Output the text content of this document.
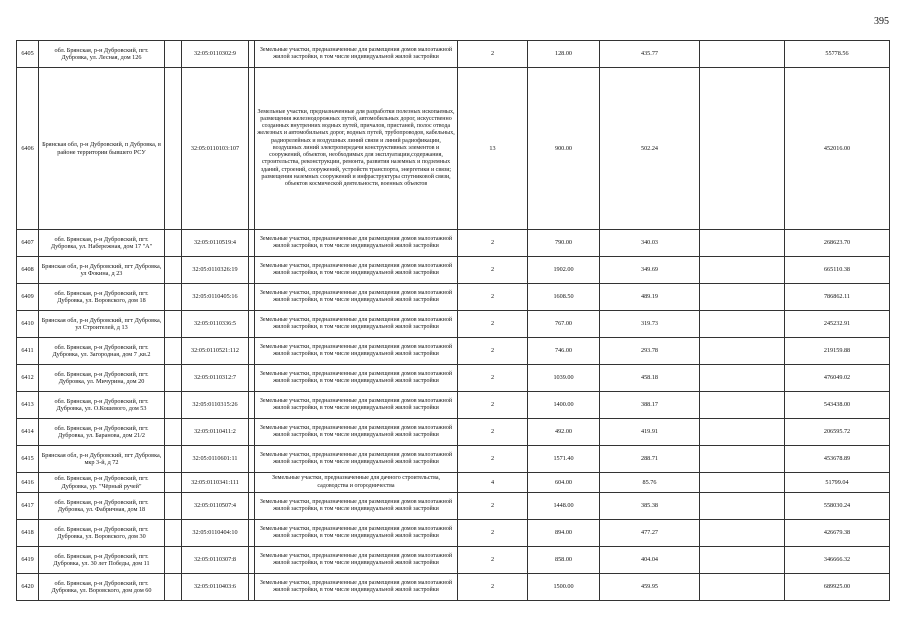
395
6405	обл. Брянская, р-н Дубровский, пгт. Дубровка, ул. Лесная, дом 126		32:05:0110302:9		Земельные участки, предназначенные для размещения домов малоэтажной жилой застройки, в том числе индивидуальной жилой застройки	2	128.00	435.77		55778.56
6406	Брянская обл, р-н Дубровский, п Дубровка, в районе территории бывшего РСУ		32:05:0110103:107		Земельные участки, предназначенные для разработки полезных ископаемых, размещения железнодорожных путей, автомобильных дорог, искусственно созданных внутренних водных путей, причалов, пристаней, полос отвода железных и автомобильных дорог, водных путей, трубопроводов, кабельных, радиорелейных и воздушных линий связи и линий радиофикации, воздушных линий электропередачи конструктивных элементов и сооружений, объектов, необходимых для эксплуатации,содержания, строительства, реконструкции, ремонта, развития наземных и подземных зданий, строений, сооружений, устройств транспорта, энергетики и связи; размещения наземных сооружений и инфраструктуры спутниковой связи, объектов космической деятельности, военных объектов	13	900.00	502.24		452016.00
6407	обл. Брянская, р-н Дубровский, пгт. Дубровка, ул. Набережная, дом 17 "А"		32:05:0110519:4		Земельные участки, предназначенные для размещения домов малоэтажной жилой застройки, в том числе индивидуальной жилой застройки	2	790.00	340.03		268623.70
6408	Брянская обл, р-н Дубровский, пгт Дубровка, ул Фокина, д 23		32:05:0110326:19		Земельные участки, предназначенные для размещения домов малоэтажной жилой застройки, в том числе индивидуальной жилой застройки	2	1902.00	349.69		665110.38
6409	обл. Брянская, р-н Дубровский, пгт. Дубровка, ул. Воровского, дом 18		32:05:0110405:16		Земельные участки, предназначенные для размещения домов малоэтажной жилой застройки, в том числе индивидуальной жилой застройки	2	1608.50	489.19		786862.11
6410	Брянская обл, р-н Дубровский, пгт Дубровка, ул Строителей, д 13		32:05:0110336:5		Земельные участки, предназначенные для размещения домов малоэтажной жилой застройки, в том числе индивидуальной жилой застройки	2	767.00	319.73		245232.91
6411	обл. Брянская, р-н Дубровский, пгт. Дубровка, ул. Загородная, дом 7 ,кв.2		32:05:0110521:112		Земельные участки, предназначенные для размещения домов малоэтажной жилой застройки, в том числе индивидуальной жилой застройки	2	746.00	293.78		219159.88
6412	обл. Брянская, р-н Дубровский, пгт. Дубровка, ул. Мичурина, дом 20		32:05:0110312:7		Земельные участки, предназначенные для размещения домов малоэтажной жилой застройки, в том числе индивидуальной жилой застройки	2	1039.00	458.18		476049.02
6413	обл. Брянская, р-н Дубровский, пгт. Дубровка, ул. О.Кошевого, дом 53		32:05:0110315:26		Земельные участки, предназначенные для размещения домов малоэтажной жилой застройки, в том числе индивидуальной жилой застройки	2	1400.00	388.17		543438.00
6414	обл. Брянская, р-н Дубровский, пгт. Дубровка, ул. Баранова, дом 21/2		32:05:0110411:2		Земельные участки, предназначенные для размещения домов малоэтажной жилой застройки, в том числе индивидуальной жилой застройки	2	492.00	419.91		206595.72
6415	Брянская обл, р-н Дубровский, пгт Дубровка, мкр 3-й, д 72		32:05:0110601:11		Земельные участки, предназначенные для размещения домов малоэтажной жилой застройки, в том числе индивидуальной жилой застройки	2	1571.40	288.71		453678.89
6416	обл. Брянская, р-н Дубровский, пгт. Дубровка, ур. "Чёрный ручей"		32:05:0110341:111		Земельные участки, предназначенные для дачного строительства, садоводства и огородничества	4	604.00	85.76		51799.04
6417	обл. Брянская, р-н Дубровский, пгт. Дубровка, ул. Фабричная, дом 18		32:05:0110507:4		Земельные участки, предназначенные для размещения домов малоэтажной жилой застройки, в том числе индивидуальной жилой застройки	2	1448.00	385.38		558030.24
6418	обл. Брянская, р-н Дубровский, пгт. Дубровка, ул. Воровского, дом 30		32:05:0110404:10		Земельные участки, предназначенные для размещения домов малоэтажной жилой застройки, в том числе индивидуальной жилой застройки	2	894.00	477.27		426679.38
6419	обл. Брянская, р-н Дубровский, пгт. Дубровка, ул. 30 лет Победы, дом 11		32:05:0110307:8		Земельные участки, предназначенные для размещения домов малоэтажной жилой застройки, в том числе индивидуальной жилой застройки	2	858.00	404.04		346666.32
6420	обл. Брянская, р-н Дубровский, пгт. Дубровка, ул. Воровского, дом дом 60		32:05:0110403:6		Земельные участки, предназначенные для размещения домов малоэтажной жилой застройки, в том числе индивидуальной жилой застройки	2	1500.00	459.95		689925.00
